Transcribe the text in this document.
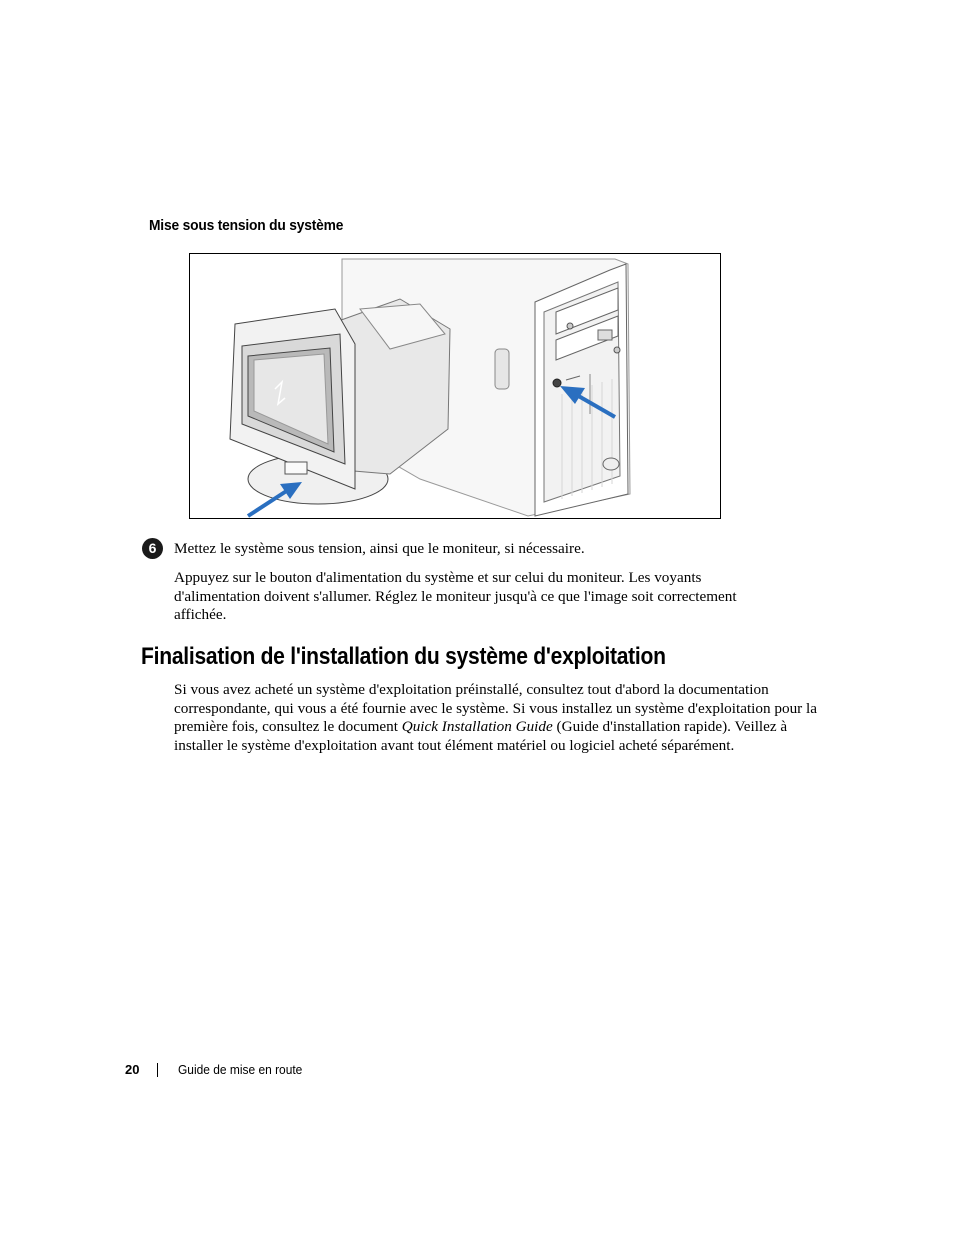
Mise sous tension du système
6	Mettez le système sous tension, ainsi que le moniteur, si nécessaire.
Appuyez sur le bouton d'alimentation du système et sur celui du moniteur. Les voyants d'alimentation doivent s'allumer. Réglez le moniteur jusqu'à ce que l'image soit correctement affichée.
Finalisation de l'installation du système d'exploitation
Si vous avez acheté un système d'exploitation préinstallé, consultez tout d'abord la documentation correspondante, qui vous a été fournie avec le système. Si vous installez un système d'exploitation pour la première fois, consultez le document Quick Installation Guide (Guide d'installation rapide). Veillez à installer le système d'exploitation avant tout élément matériel ou logiciel acheté séparément.
20	Guide de mise en route
